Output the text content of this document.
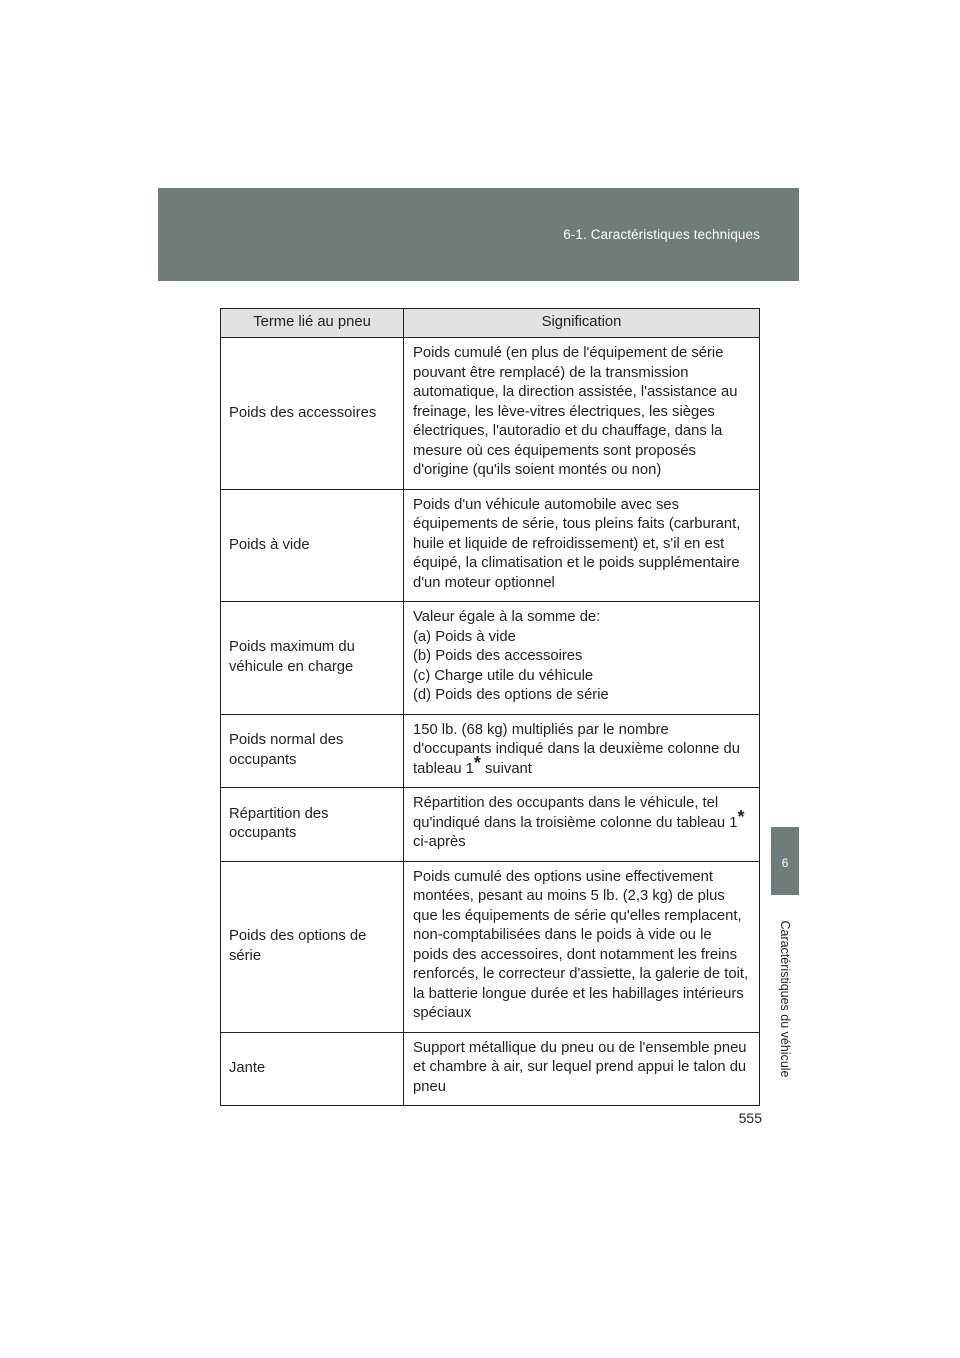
6-1. Caractéristiques techniques
6
Caractéristiques du véhicule
Terme lié au pneu	Signification
Poids des accessoires	Poids cumulé (en plus de l'équipement de série pouvant être remplacé) de la transmission automatique, la direction assistée, l'assistance au freinage, les lève-vitres électriques, les sièges électriques, l'autoradio et du chauffage, dans la mesure où ces équipements sont proposés d'origine (qu'ils soient montés ou non)
Poids à vide	Poids d'un véhicule automobile avec ses équipements de série, tous pleins faits (carburant, huile et liquide de refroidissement) et, s'il en est équipé, la climatisation et le poids supplémentaire d'un moteur optionnel
Poids maximum du véhicule en charge	Valeur égale à la somme de:
(a) Poids à vide
(b) Poids des accessoires
(c) Charge utile du véhicule
(d) Poids des options de série

Poids normal des occupants	150 lb. (68 kg) multipliés par le nombre d'occupants indiqué dans la deuxième colonne du tableau 1* suivant
Répartition des occupants	Répartition des occupants dans le véhicule, tel qu'indiqué dans la troisième colonne du tableau 1* ci-après
Poids des options de série	Poids cumulé des options usine effectivement montées, pesant au moins 5 lb. (2,3 kg) de plus que les équipements de série qu'elles remplacent, non-comptabilisées dans le poids à vide ou le poids des accessoires, dont notamment les freins renforcés, le correcteur d'assiette, la galerie de toit, la batterie longue durée et les habillages intérieurs spéciaux
Jante	Support métallique du pneu ou de l'ensemble pneu et chambre à air, sur lequel prend appui le talon du pneu
555
